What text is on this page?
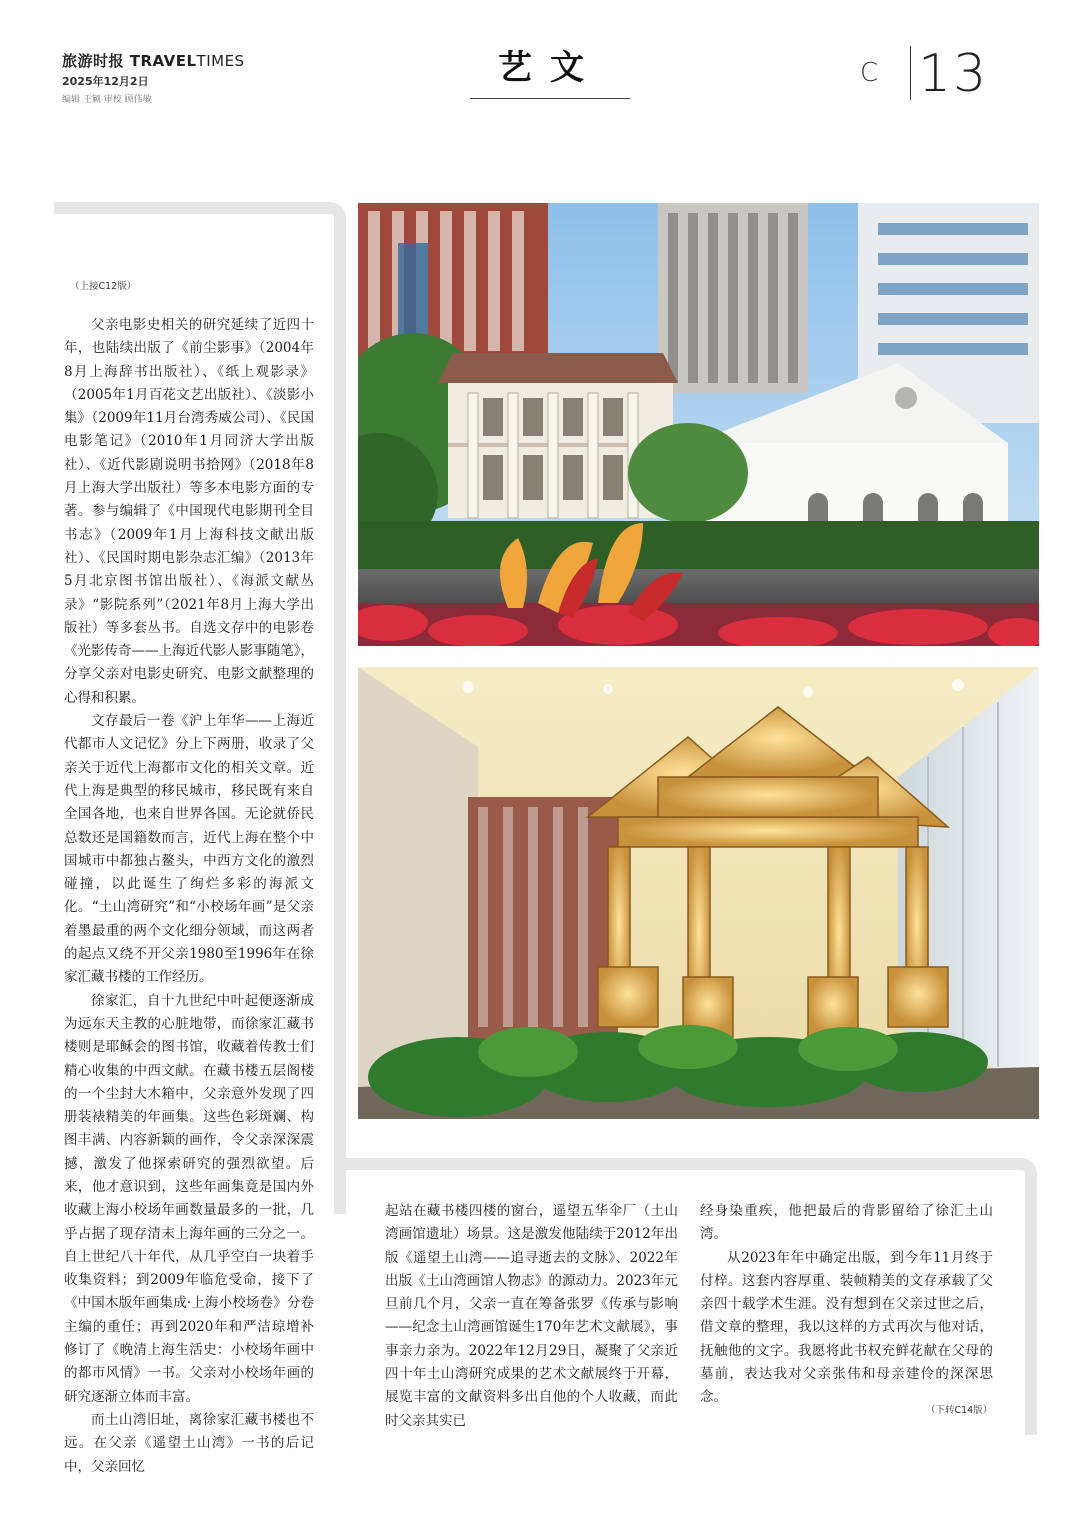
旅游时报 TRAVELTIMES
2025年12月2日
编辑 王颖 审校 顾伟敏
艺文	C 13
（上接C12版）
（下转C14版）

父亲电影史相关的研究延续了近四十年，也陆续出版了《前尘影事》（2004年8月上海辞书出版社）、《纸上观影录》（2005年1月百花文艺出版社）、《淡影小集》（2009年11月台湾秀威公司）、《民国电影笔记》（2010年1月同济大学出版社）、《近代影剧说明书拾网》（2018年8月上海大学出版社）等多本电影方面的专著。参与编辑了《中国现代电影期刊全目书志》（2009年1月上海科技文献出版社）、《民国时期电影杂志汇编》（2013年5月北京图书馆出版社）、《海派文献丛录》“影院系列”（2021年8月上海大学出版社）等多套丛书。自选文存中的电影卷《光影传奇——上海近代影人影事随笔》，分享父亲对电影史研究、电影文献整理的心得和积累。

文存最后一卷《沪上年华——上海近代都市人文记忆》分上下两册，收录了父亲关于近代上海都市文化的相关文章。近代上海是典型的移民城市，移民既有来自全国各地，也来自世界各国。无论就侨民总数还是国籍数而言，近代上海在整个中国城市中都独占鳌头，中西方文化的激烈碰撞，以此诞生了绚烂多彩的海派文化。“土山湾研究”和“小校场年画”是父亲着墨最重的两个文化细分领域，而这两者的起点又绕不开父亲1980至1996年在徐家汇藏书楼的工作经历。

徐家汇，自十九世纪中叶起便逐渐成为远东天主教的心脏地带，而徐家汇藏书楼则是耶稣会的图书馆，收藏着传教士们精心收集的中西文献。在藏书楼五层阁楼的一个尘封大木箱中，父亲意外发现了四册装裱精美的年画集。这些色彩斑斓、构图丰满、内容新颖的画作，令父亲深深震撼，激发了他探索研究的强烈欲望。后来，他才意识到，这些年画集竟是国内外收藏上海小校场年画数量最多的一批，几乎占据了现存清末上海年画的三分之一。自上世纪八十年代，从几乎空白一块着手收集资料；到2009年临危受命，接下了《中国木版年画集成·上海小校场卷》分卷主编的重任；再到2020年和严洁琼增补修订了《晚清上海生活史：小校场年画中的都市风情》一书。父亲对小校场年画的研究逐渐立体而丰富。

而土山湾旧址，离徐家汇藏书楼也不远。在父亲《遥望土山湾》一书的后记中，父亲回忆

起站在藏书楼四楼的窗台，遥望五华伞厂（土山湾画馆遗址）场景。这是激发他陆续于2012年出版《遥望土山湾——追寻逝去的文脉》、2022年出版《土山湾画馆人物志》的源动力。2023年元旦前几个月，父亲一直在筹备张罗《传承与影响——纪念土山湾画馆诞生170年艺术文献展》，事事亲力亲为。2022年12月29日，凝聚了父亲近四十年土山湾研究成果的艺术文献展终于开幕，展览丰富的文献资料多出自他的个人收藏，而此时父亲其实已

经身染重疾，他把最后的背影留给了徐汇土山湾。

从2023年年中确定出版，到今年11月终于付梓。这套内容厚重、装帧精美的文存承载了父亲四十载学术生涯。没有想到在父亲过世之后，借文章的整理，我以这样的方式再次与他对话，抚触他的文字。我愿将此书权充鲜花献在父母的墓前，表达我对父亲张伟和母亲建伶的深深思念。
